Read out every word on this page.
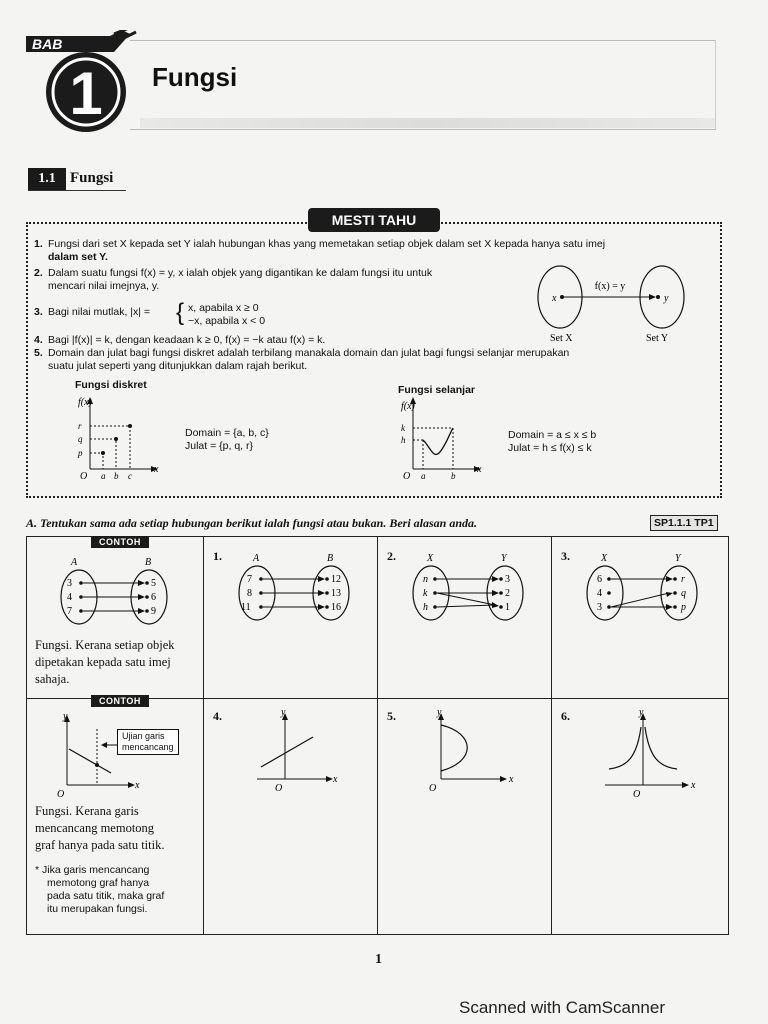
BAB
1 Fungsi
1.1 Fungsi
MESTI TAHU
1. Fungsi dari set X kepada set Y ialah hubungan khas yang memetakan setiap objek dalam set X kepada hanya satu imej
dalam set Y.
2. Dalam suatu fungsi f(x) = y, x ialah objek yang digantikan ke dalam fungsi itu untuk
mencari nilai imejnya, y.
3. Bagi nilai mutlak, |x| =
4. Bagi |f(x)| = k, dengan keadaan k ≥ 0, f(x) = −k atau f(x) = k.
5. Domain dan julat bagi fungsi diskret adalah terbilang manakala domain dan julat bagi fungsi selanjar merupakan
suatu julat seperti yang ditunjukkan dalam rajah berikut.
{ x, apabila x ≥ 0
−x, apabila x < 0
f(x) = y
x	y
Set X	Set Y
Fungsi diskret
f(x)
x
O
r
q
p
a b c
Domain = {a, b, c}
Julat = {p, q, r}
Fungsi selanjar
f(x)
x
O
k
h
a	b
Domain = a ≤ x ≤ b
Julat = h ≤ f(x) ≤ k
A. Tentukan sama ada setiap hubungan berikut ialah fungsi atau bukan. Beri alasan anda.	SP1.1.1 TP1
CONTOH
A	B
3
4
7
5
6
9
Fungsi. Kerana setiap objek
dipetakan kepada satu imej
sahaja.
1.	A	B
7
8
11
12
13
16
2.	X	Y
n
k
h
3
2
1
3.	X	Y
6
4
3
r
q
p
CONTOH
y
x
O
Ujian garis
mencancang
Fungsi. Kerana garis
mencancang memotong
graf hanya pada satu titik.
* Jika garis mencancang
memotong graf hanya
pada satu titik, maka graf
itu merupakan fungsi.
4.	y
x
O
5.	y
x
O
6.	y
x
O
1
Scanned with CamScanner
